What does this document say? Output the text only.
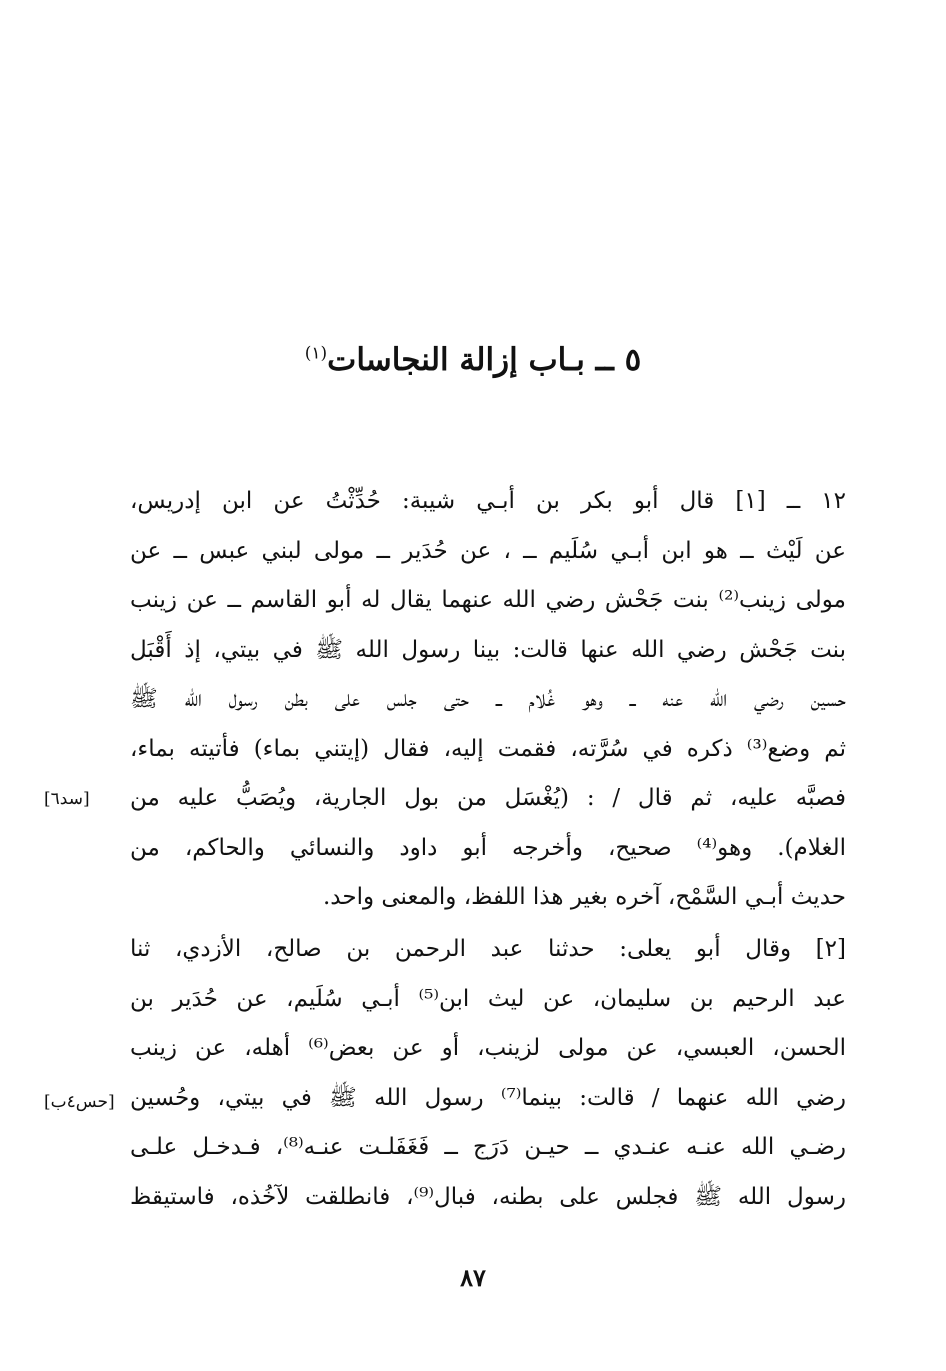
٥ ــ بـاب إزالة النجاسات$^{(١)}$
١٢ ــ [١] قال أبو بكر بن أبـي شيبة: حُدِّثْتُ عن ابن إدريس،
عن لَيْث ــ هو ابن أبـي سُلَيم ــ ، عن حُدَير ــ مولى لبني عبس ــ عن
مولى زينب⁽²⁾ بنت جَحْش رضي الله عنهما يقال له أبو القاسم ــ عن زينب
بنت جَحْش رضي الله عنها قالت: بينا رسول الله ﷺ في بيتي، إذ أَقْبَل
حسين رضي الله عنه ــ وهو غُلام ــ حتى جلس على بطن رسول الله ﷺ
ثم وضع⁽³⁾ ذكره في سُرَّته، فقمت إليه، فقال (إيتني بماء) فأتيته بماء،
فصبَّه عليه، ثم قال / : (يُغْسَل من بول الجارية، ويُصَبُّ عليه من
الغلام). وهو⁽⁴⁾ صحيح، وأخرجه أبو داود والنسائي والحاكم، من
حديث أبـي السَّمْح، آخره بغير هذا اللفظ، والمعنى واحد.
[٢] وقال أبو يعلى: حدثنا عبد الرحمن بن صالح، الأزدي، ثنا
عبد الرحيم بن سليمان، عن ليث ابن⁽⁵⁾ أبـي سُلَيم، عن حُدَير بن
الحسن، العبسي، عن مولى لزينب، أو عن بعض⁽⁶⁾ أهله، عن زينب
رضي الله عنهما / قالت: بينما⁽⁷⁾ رسول الله ﷺ في بيتي، وحُسين
رضـي الله عنـه عنـدي ــ حيـن دَرَج ــ فَغَفَلـت عنـه⁽⁸⁾، فـدخـل علـى
رسول الله ﷺ فجلس على بطنه، فبال⁽⁹⁾، فانطلقت لآخُذه، فاستيقظ
[سد٦]
[حس٤ب]
٨٧
